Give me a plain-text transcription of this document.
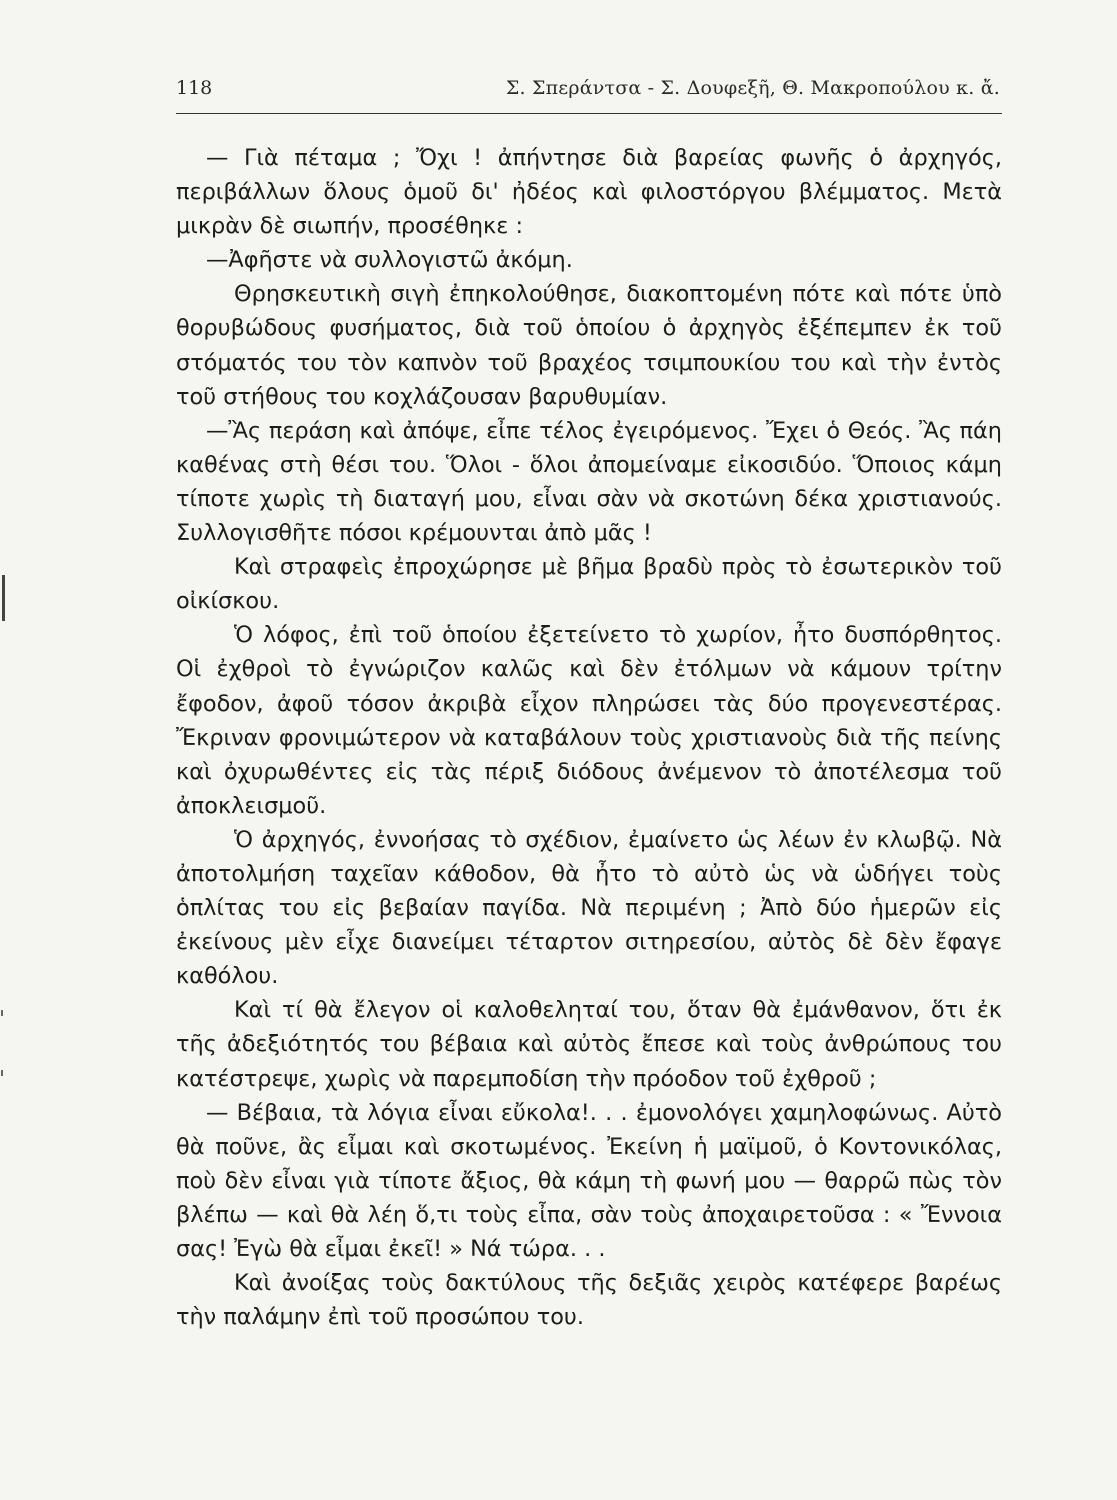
118	Σ. Σπεράντσα - Σ. Δουφεξῆ, Θ. Μακροπούλου κ. ἄ.

— Γιὰ πέταμα ; Ὄχι ! ἀπήντησε διὰ βαρείας φωνῆς ὁ ἀρχηγός, περιβάλλων ὅλους ὁμοῦ δι' ἠδέος καὶ φιλοστόργου βλέμματος. Μετὰ μικρὰν δὲ σιωπήν, προσέθηκε :

—Ἀφῆστε νὰ συλλογιστῶ ἀκόμη.

Θρησκευτικὴ σιγὴ ἐπηκολούθησε, διακοπτομένη πότε καὶ πότε ὑπὸ θορυβώδους φυσήματος, διὰ τοῦ ὁποίου ὁ ἀρχηγὸς ἐξέπεμπεν ἐκ τοῦ στόματός του τὸν καπνὸν τοῦ βραχέος τσιμπουκίου του καὶ τὴν ἐντὸς τοῦ στήθους του κοχλάζουσαν βαρυθυμίαν.

—Ἂς περάση καὶ ἀπόψε, εἶπε τέλος ἐγειρόμενος. Ἔχει ὁ Θεός. Ἂς πάη καθένας στὴ θέσι του. Ὅλοι - ὅλοι ἀπομείναμε εἰκοσιδύο. Ὅποιος κάμη τίποτε χωρὶς τὴ διαταγή μου, εἶναι σὰν νὰ σκοτώνη δέκα χριστιανούς. Συλλογισθῆτε πόσοι κρέμουνται ἀπὸ μᾶς !

Καὶ στραφεὶς ἐπροχώρησε μὲ βῆμα βραδὺ πρὸς τὸ ἐσωτερικὸν τοῦ οἰκίσκου.

Ὁ λόφος, ἐπὶ τοῦ ὁποίου ἐξετείνετο τὸ χωρίον, ἦτο δυσπόρθητος. Οἱ ἐχθροὶ τὸ ἐγνώριζον καλῶς καὶ δὲν ἐτόλμων νὰ κάμουν τρίτην ἔφοδον, ἀφοῦ τόσον ἀκριβὰ εἶχον πληρώσει τὰς δύο προγενεστέρας. Ἔκριναν φρονιμώτερον νὰ καταβάλουν τοὺς χριστιανοὺς διὰ τῆς πείνης καὶ ὀχυρωθέντες εἰς τὰς πέριξ διόδους ἀνέμενον τὸ ἀποτέλεσμα τοῦ ἀποκλεισμοῦ.

Ὁ ἀρχηγός, ἐννοήσας τὸ σχέδιον, ἐμαίνετο ὡς λέων ἐν κλωβῷ. Νὰ ἀποτολμήση ταχεῖαν κάθοδον, θὰ ἦτο τὸ αὐτὸ ὡς νὰ ὡδήγει τοὺς ὁπλίτας του εἰς βεβαίαν παγίδα. Νὰ περιμένη ; Ἀπὸ δύο ἡμερῶν εἰς ἐκείνους μὲν εἶχε διανείμει τέταρτον σιτηρεσίου, αὐτὸς δὲ δὲν ἔφαγε καθόλου.

Καὶ τί θὰ ἔλεγον οἱ καλοθεληταί του, ὅταν θὰ ἐμάνθανον, ὅτι ἐκ τῆς ἀδεξιότητός του βέβαια καὶ αὐτὸς ἔπεσε καὶ τοὺς ἀνθρώπους του κατέστρεψε, χωρὶς νὰ παρεμποδίση τὴν πρόοδον τοῦ ἐχθροῦ ;

— Βέβαια, τὰ λόγια εἶναι εὔκολα!. . . ἐμονολόγει χαμηλοφώνως. Αὐτὸ θὰ ποῦνε, ἂς εἶμαι καὶ σκοτωμένος. Ἐκείνη ἡ μαϊμοῦ, ὁ Κοντονικόλας, ποὺ δὲν εἶναι γιὰ τίποτε ἄξιος, θὰ κάμη τὴ φωνή μου — θαρρῶ πὼς τὸν βλέπω — καὶ θὰ λέη ὅ,τι τοὺς εἶπα, σὰν τοὺς ἀποχαιρετοῦσα : « Ἔννοια σας! Ἐγὼ θὰ εἶμαι ἐκεῖ! » Νά τώρα. . .

Καὶ ἀνοίξας τοὺς δακτύλους τῆς δεξιᾶς χειρὸς κατέφερε βαρέως τὴν παλάμην ἐπὶ τοῦ προσώπου του.
